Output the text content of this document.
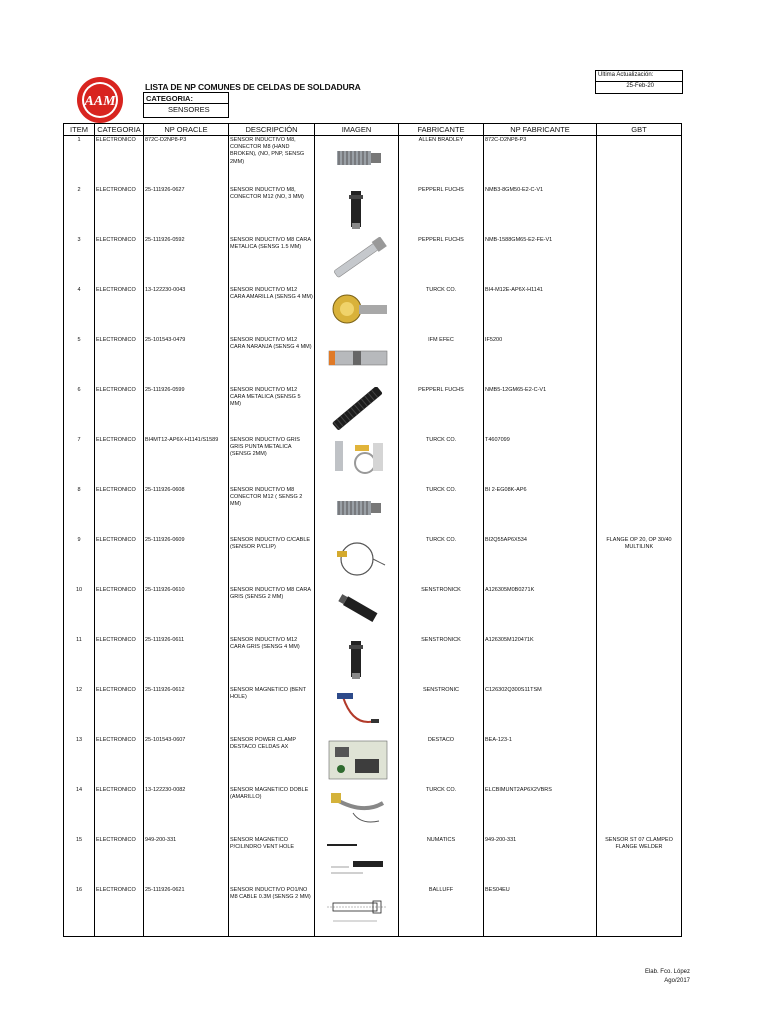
AAM
LISTA DE NP COMUNES DE CELDAS DE SOLDADURA
CATEGORIA:
SENSORES
Ultima Actualización:
25-Feb-20
ITEM	CATEGORIA	NP ORACLE	DESCRIPCIÓN	IMAGEN	FABRICANTE	NP FABRICANTE	GBT
1	ELECTRONICO	872C-D2NP8-P3	SENSOR INDUCTIVO M8, CONECTOR M8 (HAND BROKEN), (NO, PNP, SENSG 2MM)		ALLEN BRADLEY	872C-D2NP8-P3	
2	ELECTRONICO	25-111926-0627	SENSOR INDUCTIVO M8, CONECTOR M12 (NO, 3 MM)		PEPPERL FUCHS	NMB3-8GM50-E2-C-V1	
3	ELECTRONICO	25-111926-0592	SENSOR INDUCTIVO M8 CARA METALICA (SENSG 1.5 MM)		PEPPERL FUCHS	NMB-1588GM65-E2-FE-V1	
4	ELECTRONICO	13-122230-0043	SENSOR INDUCTIVO M12 CARA AMARILLA (SENSG 4 MM)		TURCK CO.	BI4-M12E-AP6X-H1141	
5	ELECTRONICO	25-101543-0479	SENSOR INDUCTIVO M12 CARA NARANJA (SENSG 4 MM)		IFM EFEC	IF5200	
6	ELECTRONICO	25-111926-0599	SENSOR INDUCTIVO M12 CARA METALICA (SENSG 5 MM)		PEPPERL FUCHS	NMB5-12GM65-E2-C-V1	
7	ELECTRONICO	BI4MT12-AP6X-H1141/S1589	SENSOR INDUCTIVO GRIS GRIS PUNTA METALICA (SENSG 2MM)		TURCK CO.	T4607099	
8	ELECTRONICO	25-111926-0608	SENSOR INDUCTIVO M8 CONECTOR M12 ( SENSG 2 MM)		TURCK CO.	BI 2-EG08K-AP6	
9	ELECTRONICO	25-111926-0609	SENSOR INDUCTIVO C/CABLE (SENSOR P/CLIP)		TURCK CO.	BI2Q55AP6X534	FLANGE OP 20, OP 30/40 MULTILINK
10	ELECTRONICO	25-111926-0610	SENSOR INDUCTIVO M8 CARA GRIS (SENSG 2 MM)		SENSTRONICK	A126305M0B0271K	
11	ELECTRONICO	25-111926-0611	SENSOR INDUCTIVO M12 CARA GRIS (SENSG 4 MM)		SENSTRONICK	A126305M120471K	
12	ELECTRONICO	25-111926-0612	SENSOR MAGNETICO (BENT HOLE)		SENSTRONIC	C126302Q300S11TSM	
13	ELECTRONICO	25-101543-0607	SENSOR POWER CLAMP DESTACO CELDAS AX		DESTACO	BEA-123-1	
14	ELECTRONICO	13-122230-0082	SENSOR MAGNETICO DOBLE (AMARILLO)		TURCK CO.	ELCBIMUNT2AP6X2VBRS	
15	ELECTRONICO	949-200-331	SENSOR MAGNETICO P/CILINDRO VENT HOLE		NUMATICS	949-200-331	SENSOR ST 07 CLAMPEO FLANGE WELDER
16	ELECTRONICO	25-111926-0621	SENSOR INDUCTIVO PO1/NO M8 CABLE 0.3M (SENSG 2 MM)		BALLUFF	BES04EU	
Elab. Fco. López
Ago/2017
